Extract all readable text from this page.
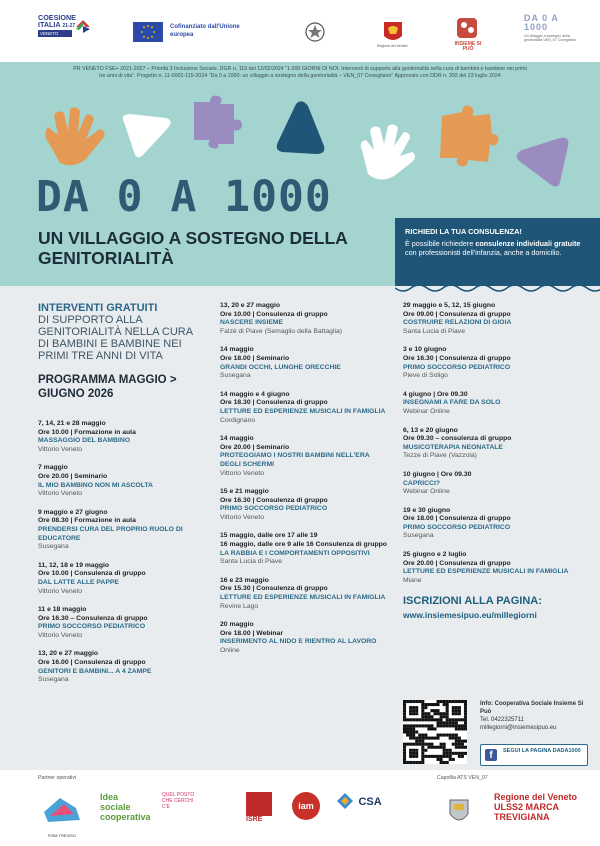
COESIONE
ITALIA 21-27
VENETO
Cofinanziato dall'Unione europea
Regione del Veneto	INSIEME SI PUÒ
DA 0 A 1000
Un villaggio a sostegno della genitorialità VEN_07 Conegliano
PR VENETO FSE+ 2021-2027 – Priorità 3 Inclusione Sociale. DGR n. 115 del 12/02/2024 "1.000 GIORNI DI NOI. Interventi di supporto alla genitorialità nella cura di bambini e bambine nei primi tre anni di vita". Progetto n. 11-0001-115-2024 "Da 0 a 1000: un villaggio a sostegno della genitorialità – VEN_07 Conegliano" Approvato con DDR n. 392 del 23 luglio 2024
DA 0 A 1000
UN VILLAGGIO A SOSTEGNO DELLA GENITORIALITÀ
RICHIEDI LA TUA CONSULENZA!
È possibile richiedere consulenze individuali gratuite con professionisti dell'infanzia, anche a domicilio.
INTERVENTI GRATUITI
DI SUPPORTO ALLA GENITORIALITÀ NELLA CURA DI BAMBINI E BAMBINE NEI PRIMI TRE ANNI DI VITA
PROGRAMMA MAGGIO > GIUGNO 2026
7, 14, 21 e 28 maggio
Ore 10.00 | Formazione in aula
MASSAGGIO DEL BAMBINO
Vittorio Veneto
7 maggio
Ore 20.00 | Seminario
IL MIO BAMBINO NON MI ASCOLTA
Vittorio Veneto
9 maggio e 27 giugno
Ore 08.30 | Formazione in aula
PRENDERSI CURA DEL PROPRIO RUOLO DI EDUCATORE
Susegana
11, 12, 18 e 19 maggio
Ore 10.00 | Consulenza di gruppo
DAL LATTE ALLE PAPPE
Vittorio Veneto
11 e 18 maggio
Ore 16.30 – Consulenza di gruppo
PRIMO SOCCORSO PEDIATRICO
Vittorio Veneto
13, 20 e 27 maggio
Ore 16.00 | Consulenza di gruppo
GENITORI E BAMBINI... A 4 ZAMPE
Susegana
13, 20 e 27 maggio
Ore 10.00 | Consulenza di gruppo
NASCERE INSIEME
Falzè di Piave (Semaglio della Battaglia)
14 maggio
Ore 18.00 | Seminario
GRANDI OCCHI, LUNGHE ORECCHIE
Susegana
14 maggio e 4 giugno
Ore 18.30 | Consulenza di gruppo
LETTURE ED ESPERIENZE MUSICALI IN FAMIGLIA
Cordignano
14 maggio
Ore 20.00 | Seminario
PROTEGGIAMO I NOSTRI BAMBINI NELL'ERA DEGLI SCHERMI
Vittorio Veneto
15 e 21 maggio
Ore 16.30 | Consulenza di gruppo
PRIMO SOCCORSO PEDIATRICO
Vittorio Veneto
15 maggio, dalle ore 17 alle 19
16 maggio, dalle ore 9 alle 16 Consulenza di gruppo
LA RABBIA E I COMPORTAMENTI OPPOSITIVI
Santa Lucia di Piave
16 e 23 maggio
Ore 15.30 | Consulenza di gruppo
LETTURE ED ESPERIENZE MUSICALI IN FAMIGLIA
Revine Lago
20 maggio
Ore 18.00 | Webinar
INSERIMENTO AL NIDO E RIENTRO AL LAVORO
Online
29 maggio e 5, 12, 15 giugno
Ore 09.00 | Consulenza di gruppo
COSTRUIRE RELAZIONI DI GIOIA
Santa Lucia di Piave
3 e 10 giugno
Ore 16.30 | Consulenza di gruppo
PRIMO SOCCORSO PEDIATRICO
Pieve di Soligo
4 giugno | Ore 09.30
INSEGNAMI A FARE DA SOLO
Webinar Online
6, 13 e 20 giugno
Ore 09.30 – consulenza di gruppo
MUSICOTERAPIA NEONATALE
Tezze di Piave (Vazzola)
10 giugno | Ore 09.30
CAPRICCI?
Webinar Online
19 e 30 giugno
Ore 18.00 | Consulenza di gruppo
PRIMO SOCCORSO PEDIATRICO
Susegana
25 giugno e 2 luglio
Ore 20.00 | Consulenza di gruppo
LETTURE ED ESPERIENZE MUSICALI IN FAMIGLIA
Miane
ISCRIZIONI ALLA PAGINA:
www.insiemesipuo.eu/millegiorni
Info: Cooperativa Sociale Insieme Si Può
Tel. 0422325711
millegiorni@insiemesipuo.eu
f	SEGUI LA PAGINA DADA1000
Partner operativi	Capofila ATS VEN_07
FISM TREVISO
Idea sociale cooperativa
QUEL POSTO CHE CERCHI C'È
ISRE
iam	CSA	Regione del Veneto ULSS2 MARCA TREVIGIANA
